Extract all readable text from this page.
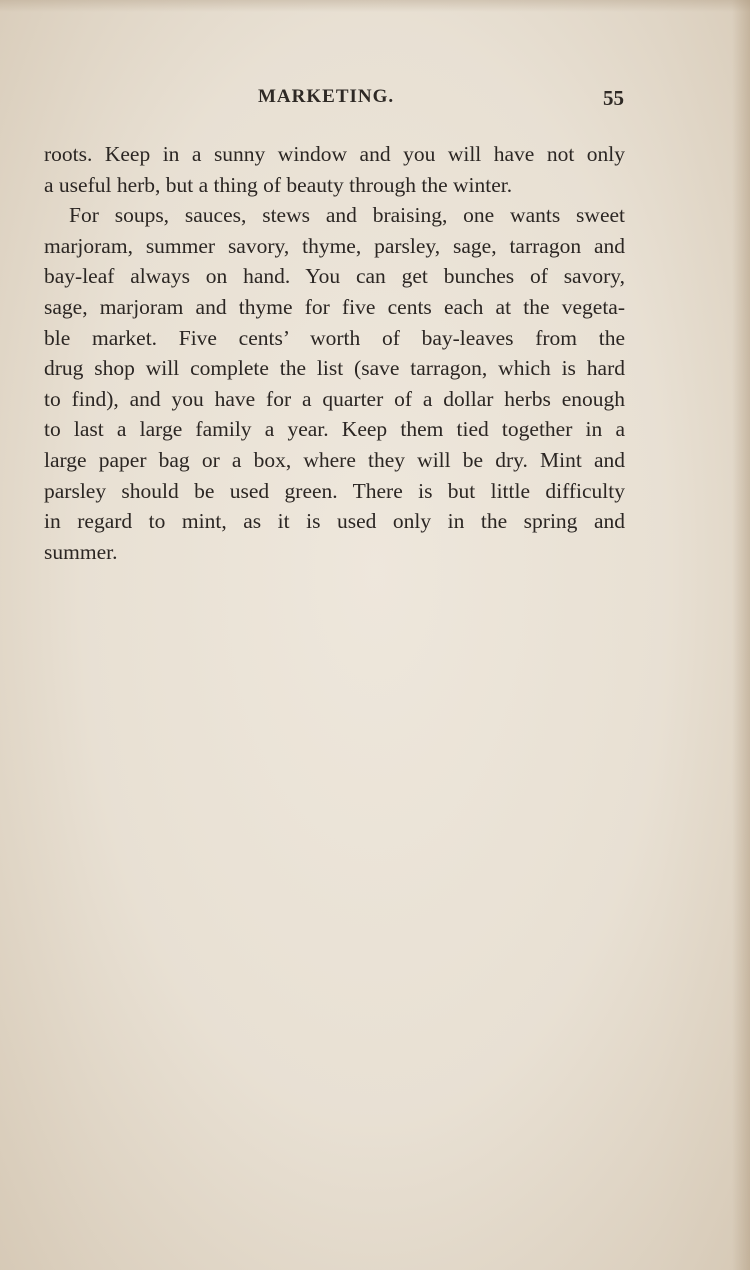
MARKETING.	55
roots. Keep in a sunny window and you will have not only
a useful herb, but a thing of beauty through the winter.
For soups, sauces, stews and braising, one wants sweet
marjoram, summer savory, thyme, parsley, sage, tarragon and
bay-leaf always on hand. You can get bunches of savory,
sage, marjoram and thyme for five cents each at the vegeta-
ble market. Five cents’ worth of bay-leaves from the
drug shop will complete the list (save tarragon, which is hard
to find), and you have for a quarter of a dollar herbs enough
to last a large family a year. Keep them tied together in a
large paper bag or a box, where they will be dry. Mint and
parsley should be used green. There is but little difficulty
in regard to mint, as it is used only in the spring and
summer.
